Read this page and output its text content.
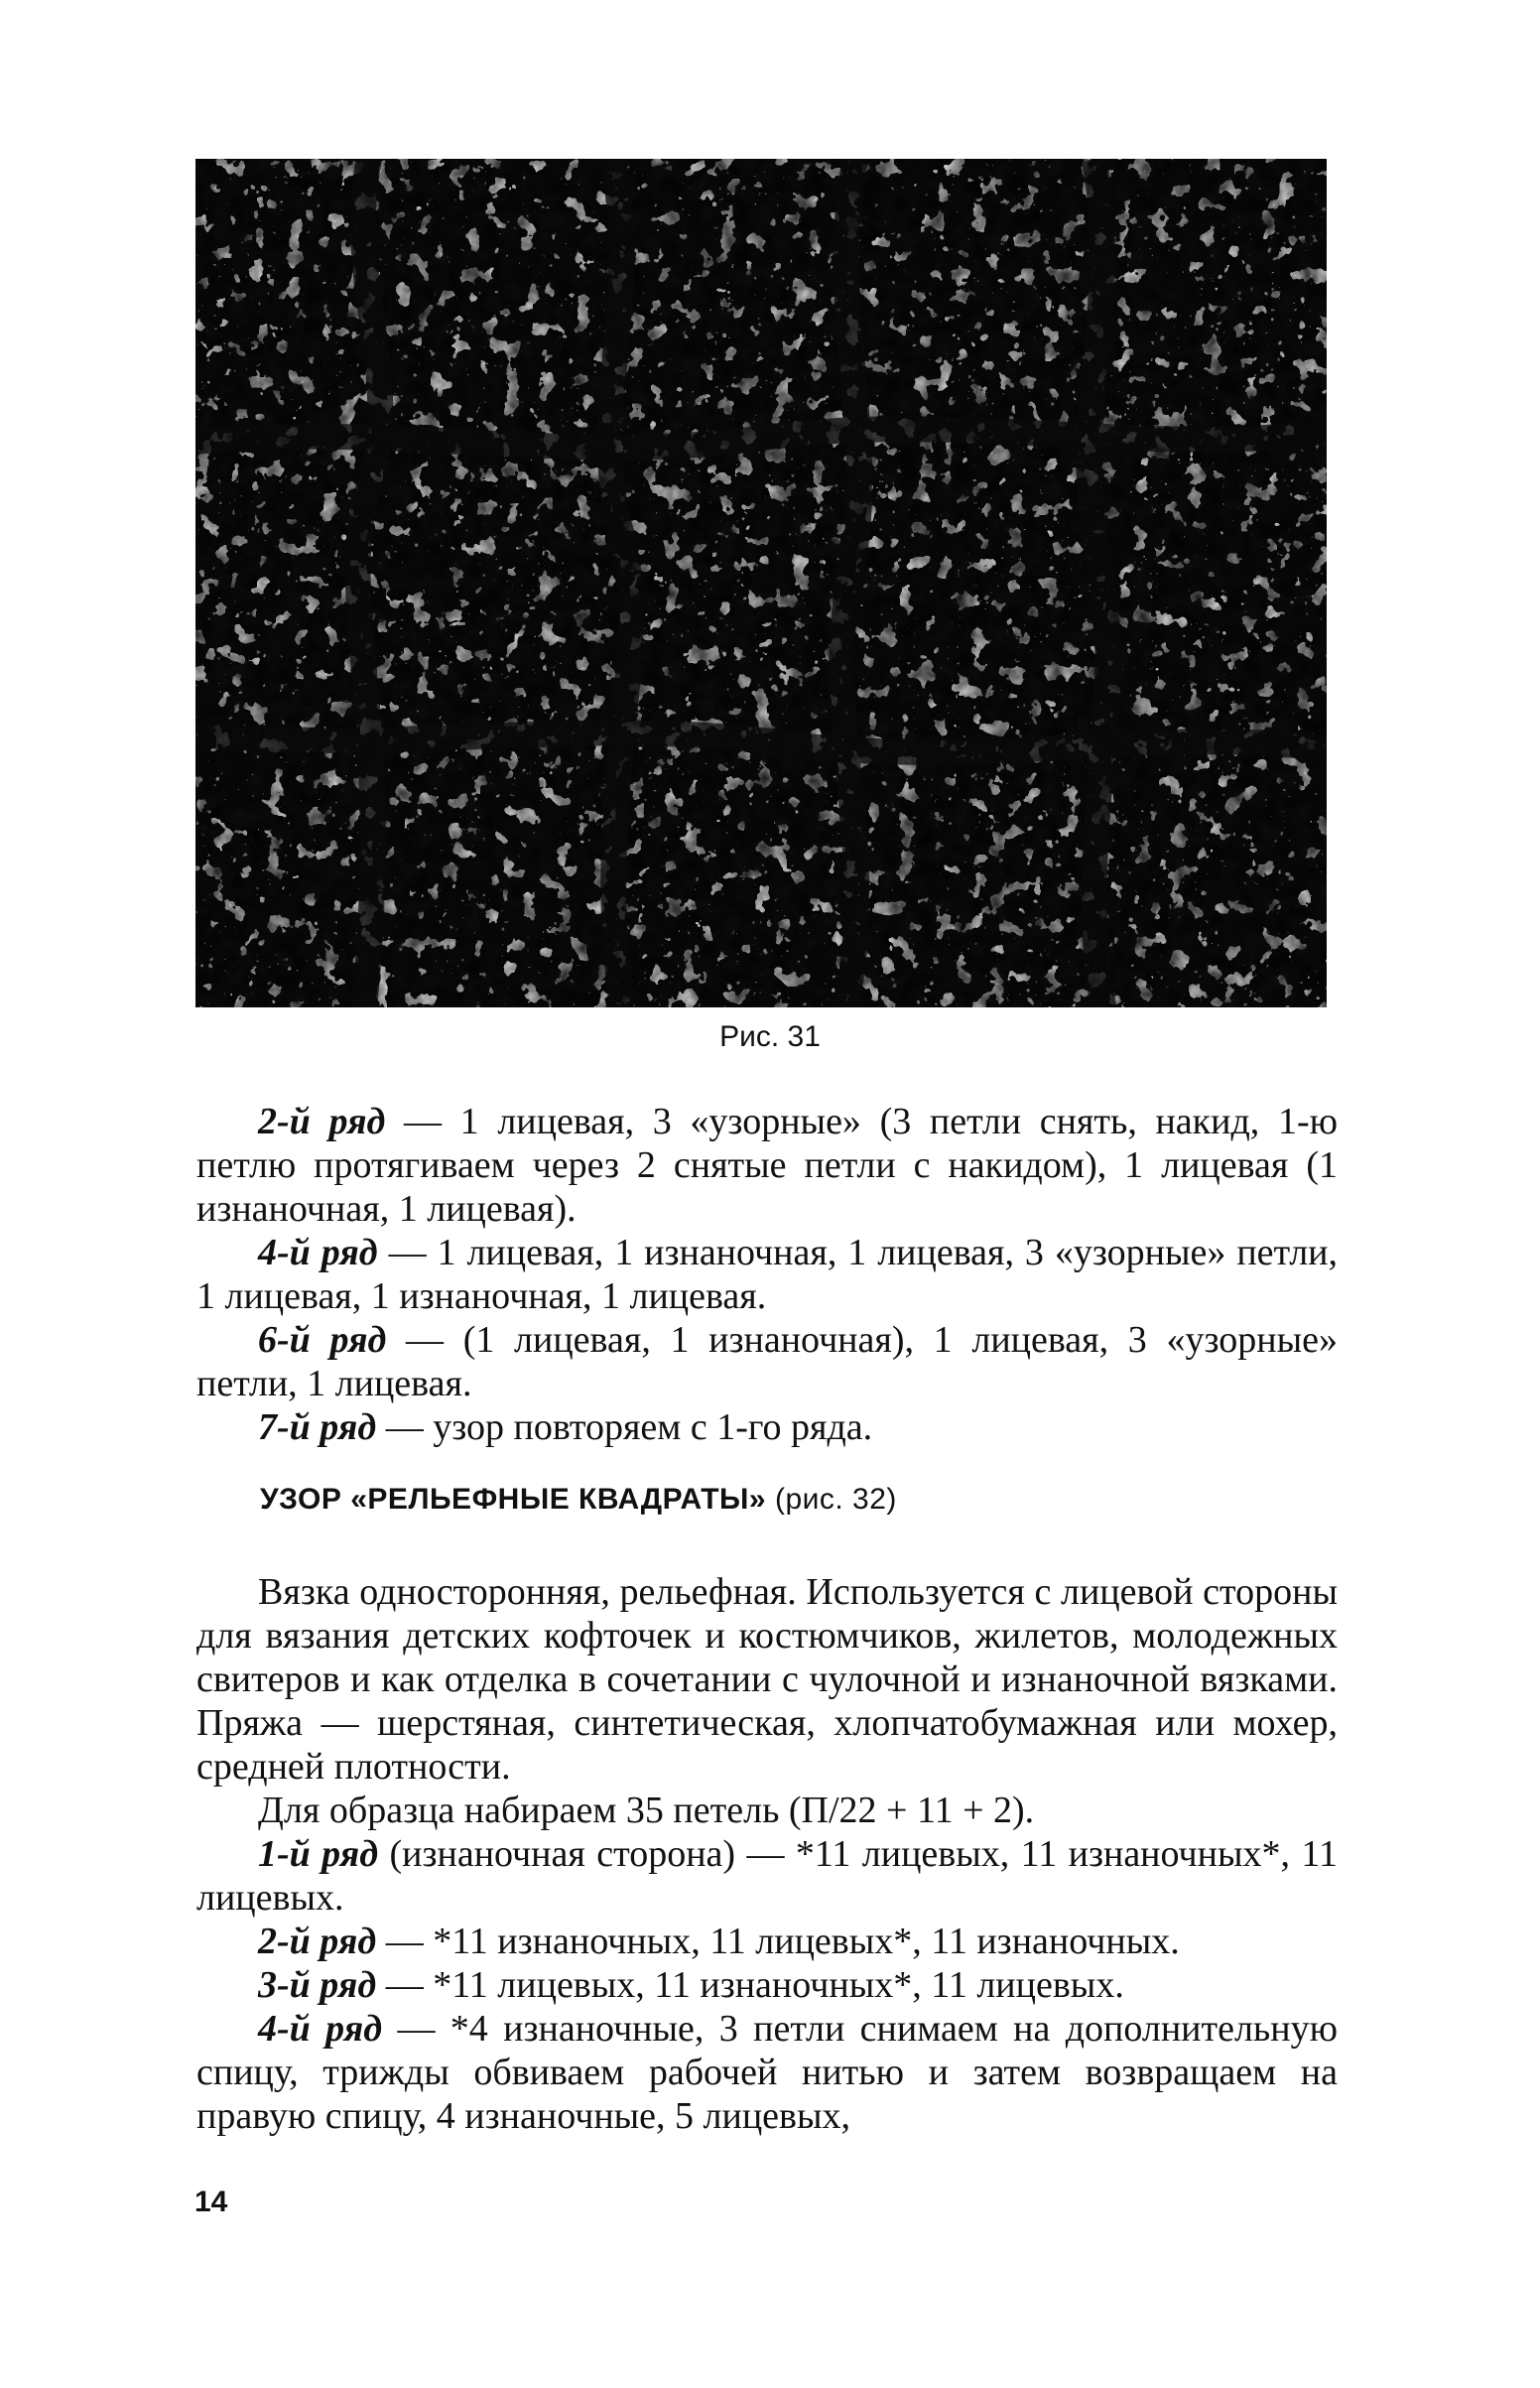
Рис. 31

2-й ряд — 1 лицевая, 3 «узорные» (3 петли снять, накид, 1-ю петлю протягиваем через 2 снятые петли с накидом), 1 лицевая (1 изнаночная, 1 лицевая).

4-й ряд — 1 лицевая, 1 изнаночная, 1 лицевая, 3 «узорные» петли, 1 лицевая, 1 изнаночная, 1 лицевая.

6-й ряд — (1 лицевая, 1 изнаночная), 1 лицевая, 3 «узорные» петли, 1 лицевая.

7-й ряд — узор повторяем с 1-го ряда.

УЗОР «РЕЛЬЕФНЫЕ КВАДРАТЫ» (рис. 32)

Вязка односторонняя, рельефная. Используется с лицевой стороны для вязания детских кофточек и костюмчиков, жилетов, молодежных свитеров и как отделка в сочетании с чулочной и изнаночной вязками. Пряжа — шерстяная, синтетическая, хлопчатобумажная или мохер, средней плотности.

Для образца набираем 35 петель (П/22 + 11 + 2).

1-й ряд (изнаночная сторона) — *11 лицевых, 11 изнаночных*, 11 лицевых.

2-й ряд — *11 изнаночных, 11 лицевых*, 11 изнаночных.

3-й ряд — *11 лицевых, 11 изнаночных*, 11 лицевых.

4-й ряд — *4 изнаночные, 3 петли снимаем на дополнительную спицу, трижды обвиваем рабочей нитью и затем возвращаем на правую спицу, 4 изнаночные, 5 лицевых,

14
